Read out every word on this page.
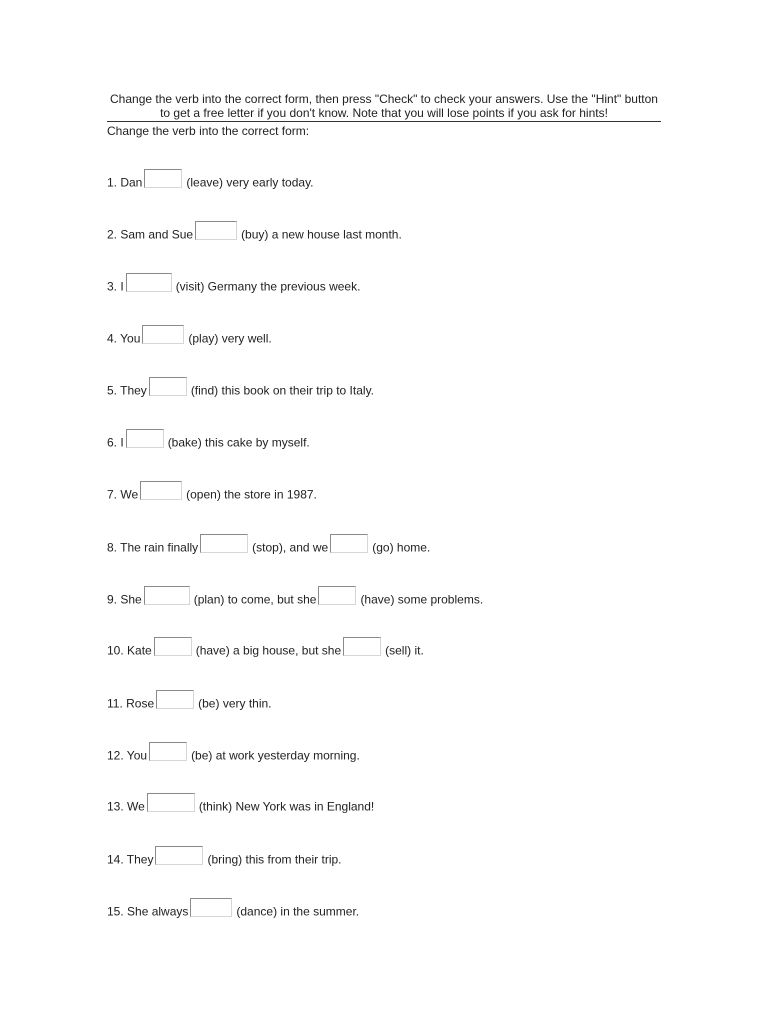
Change the verb into the correct form, then press "Check" to check your answers. Use the "Hint" button to get a free letter if you don't know. Note that you will lose points if you ask for hints!
Change the verb into the correct form:
1. Dan	(leave) very early today.
2. Sam and Sue	(buy) a new house last month.
3. I	(visit) Germany the previous week.
4. You	(play) very well.
5. They	(find) this book on their trip to Italy.
6. I	(bake) this cake by myself.
7. We	(open) the store in 1987.
8. The rain finally	(stop), and we	(go) home.
9. She	(plan) to come, but she	(have) some problems.
10. Kate	(have) a big house, but she	(sell) it.
11. Rose	(be) very thin.
12. You	(be) at work yesterday morning.
13. We	(think) New York was in England!
14. They	(bring) this from their trip.
15. She always	(dance) in the summer.
